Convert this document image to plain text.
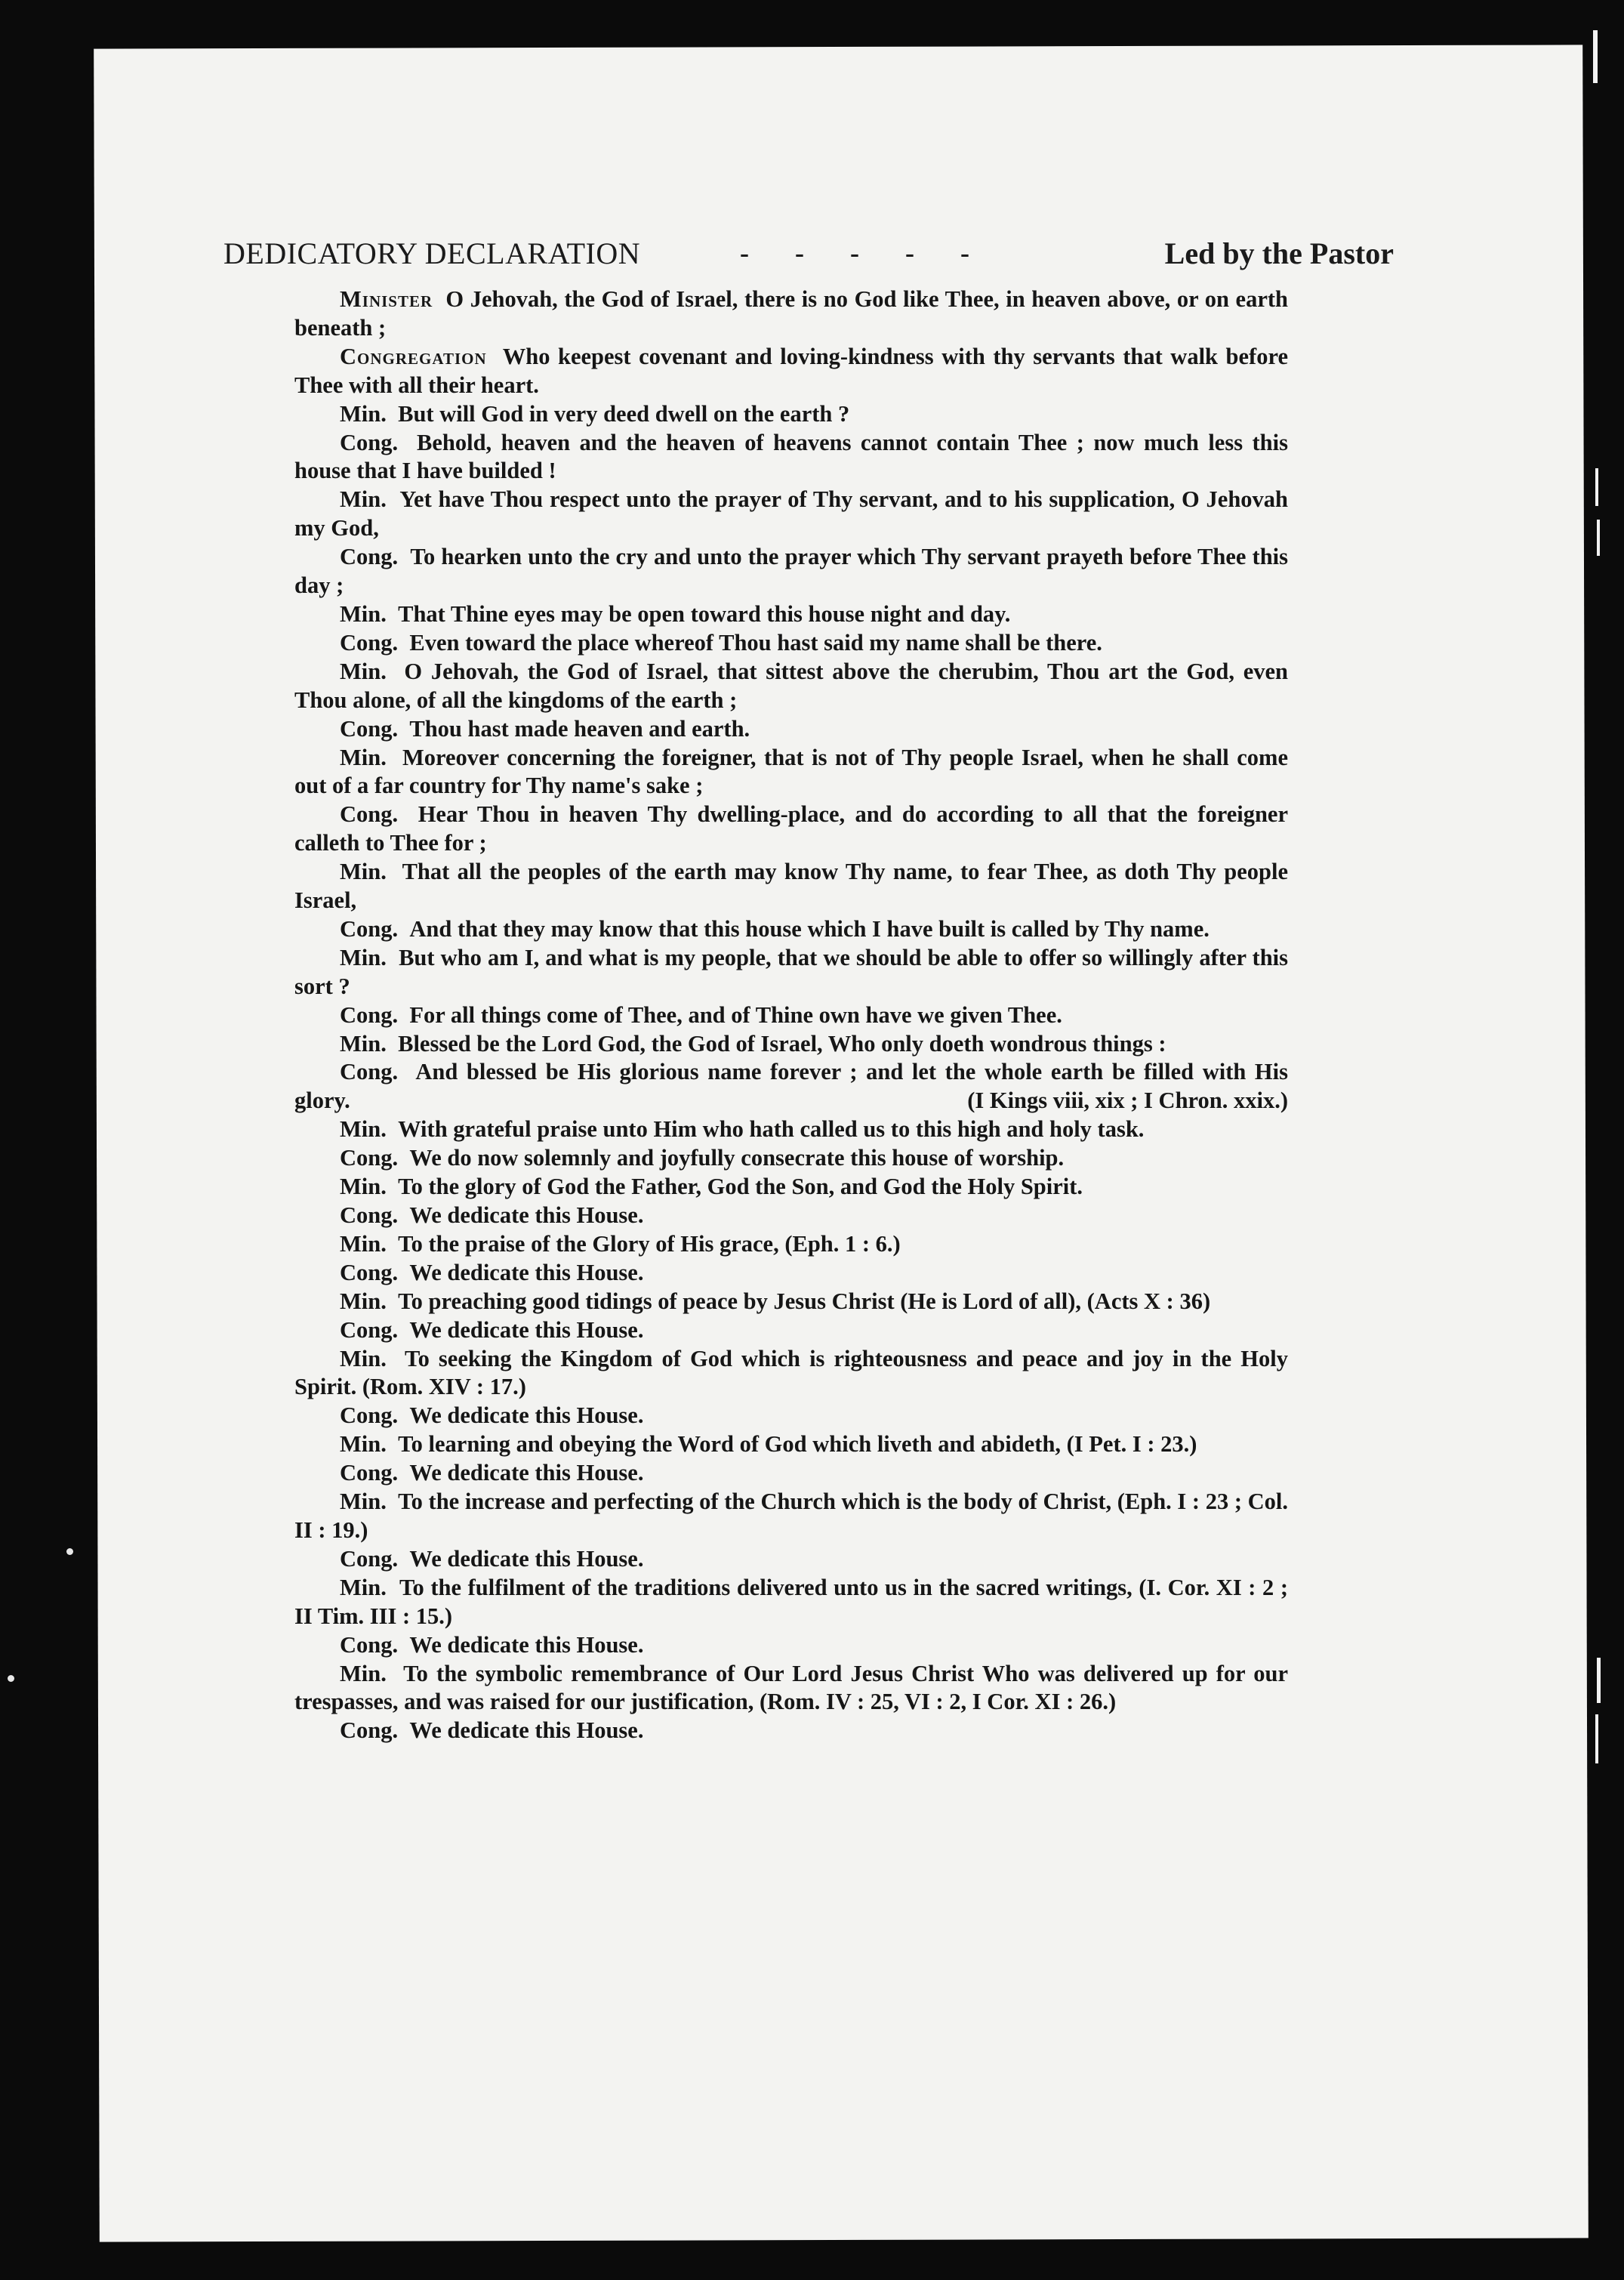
DEDICATORY DECLARATION	- - - - -	Led by the Pastor

Minister O Jehovah, the God of Israel, there is no God like Thee, in heaven above, or on earth beneath ;

Congregation Who keepest covenant and loving-kindness with thy servants that walk before Thee with all their heart.

Min. But will God in very deed dwell on the earth ?

Cong. Behold, heaven and the heaven of heavens cannot contain Thee ; now much less this house that I have builded !

Min. Yet have Thou respect unto the prayer of Thy servant, and to his supplication, O Jehovah my God,

Cong. To hearken unto the cry and unto the prayer which Thy servant prayeth before Thee this day ;

Min. That Thine eyes may be open toward this house night and day.

Cong. Even toward the place whereof Thou hast said my name shall be there.

Min. O Jehovah, the God of Israel, that sittest above the cherubim, Thou art the God, even Thou alone, of all the kingdoms of the earth ;

Cong. Thou hast made heaven and earth.

Min. Moreover concerning the foreigner, that is not of Thy people Israel, when he shall come out of a far country for Thy name's sake ;

Cong. Hear Thou in heaven Thy dwelling-place, and do according to all that the foreigner calleth to Thee for ;

Min. That all the peoples of the earth may know Thy name, to fear Thee, as doth Thy people Israel,

Cong. And that they may know that this house which I have built is called by Thy name.

Min. But who am I, and what is my people, that we should be able to offer so willingly after this sort ?

Cong. For all things come of Thee, and of Thine own have we given Thee.

Min. Blessed be the Lord God, the God of Israel, Who only doeth wondrous things :

Cong. And blessed be His glorious name forever ; and let the whole earth be filled with His glory.	(I Kings viii, xix ; I Chron. xxix.)

Min. With grateful praise unto Him who hath called us to this high and holy task.

Cong. We do now solemnly and joyfully consecrate this house of worship.

Min. To the glory of God the Father, God the Son, and God the Holy Spirit.

Cong. We dedicate this House.

Min. To the praise of the Glory of His grace, (Eph. 1 : 6.)

Cong. We dedicate this House.

Min. To preaching good tidings of peace by Jesus Christ (He is Lord of all), (Acts X : 36)

Cong. We dedicate this House.

Min. To seeking the Kingdom of God which is righteousness and peace and joy in the Holy Spirit. (Rom. XIV : 17.)

Cong. We dedicate this House.

Min. To learning and obeying the Word of God which liveth and abideth, (I Pet. I : 23.)

Cong. We dedicate this House.

Min. To the increase and perfecting of the Church which is the body of Christ, (Eph. I : 23 ; Col. II : 19.)

Cong. We dedicate this House.

Min. To the fulfilment of the traditions delivered unto us in the sacred writings, (I. Cor. XI : 2 ; II Tim. III : 15.)

Cong. We dedicate this House.

Min. To the symbolic remembrance of Our Lord Jesus Christ Who was delivered up for our trespasses, and was raised for our justification, (Rom. IV : 25, VI : 2, I Cor. XI : 26.)

Cong. We dedicate this House.
